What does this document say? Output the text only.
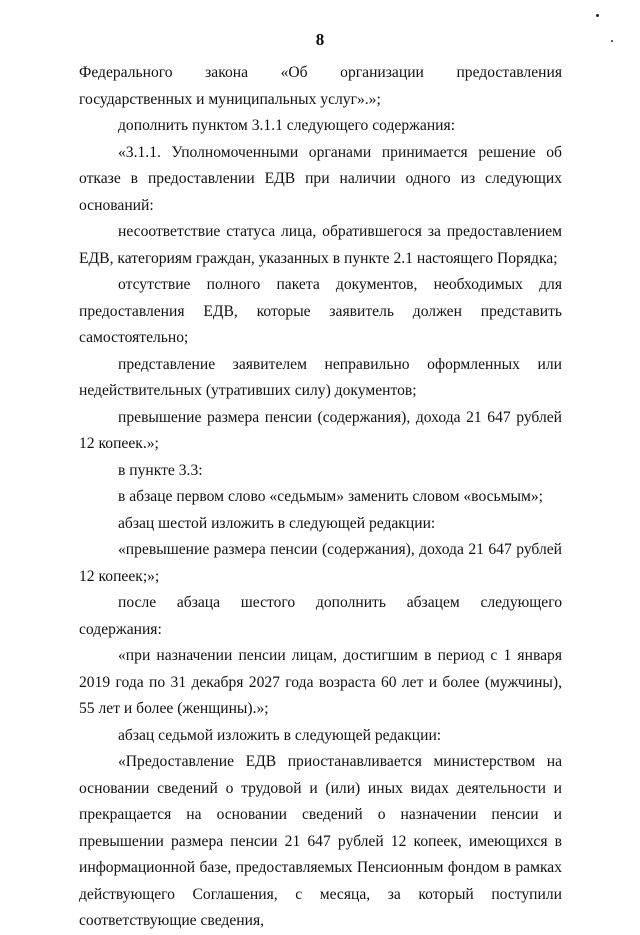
8

Федерального закона «Об организации предоставления государственных и муниципальных услуг».»;

дополнить пунктом 3.1.1 следующего содержания:

«3.1.1. Уполномоченными органами принимается решение об отказе в предоставлении ЕДВ при наличии одного из следующих оснований:

несоответствие статуса лица, обратившегося за предоставлением ЕДВ, категориям граждан, указанных в пункте 2.1 настоящего Порядка;

отсутствие полного пакета документов, необходимых для предоставления ЕДВ, которые заявитель должен представить самостоятельно;

представление заявителем неправильно оформленных или недействительных (утративших силу) документов;

превышение размера пенсии (содержания), дохода 21 647 рублей 12 копеек.»;

в пункте 3.3:

в абзаце первом слово «седьмым» заменить словом «восьмым»;

абзац шестой изложить в следующей редакции:

«превышение размера пенсии (содержания), дохода 21 647 рублей 12 копеек;»;

после абзаца шестого дополнить абзацем следующего содержания:

«при назначении пенсии лицам, достигшим в период с 1 января 2019 года по 31 декабря 2027 года возраста 60 лет и более (мужчины), 55 лет и более (женщины).»;

абзац седьмой изложить в следующей редакции:

«Предоставление ЕДВ приостанавливается министерством на основании сведений о трудовой и (или) иных видах деятельности и прекращается на основании сведений о назначении пенсии и превышении размера пенсии 21 647 рублей 12 копеек, имеющихся в информационной базе, предоставляемых Пенсионным фондом в рамках действующего Соглашения, с месяца, за который поступили соответствующие сведения,
